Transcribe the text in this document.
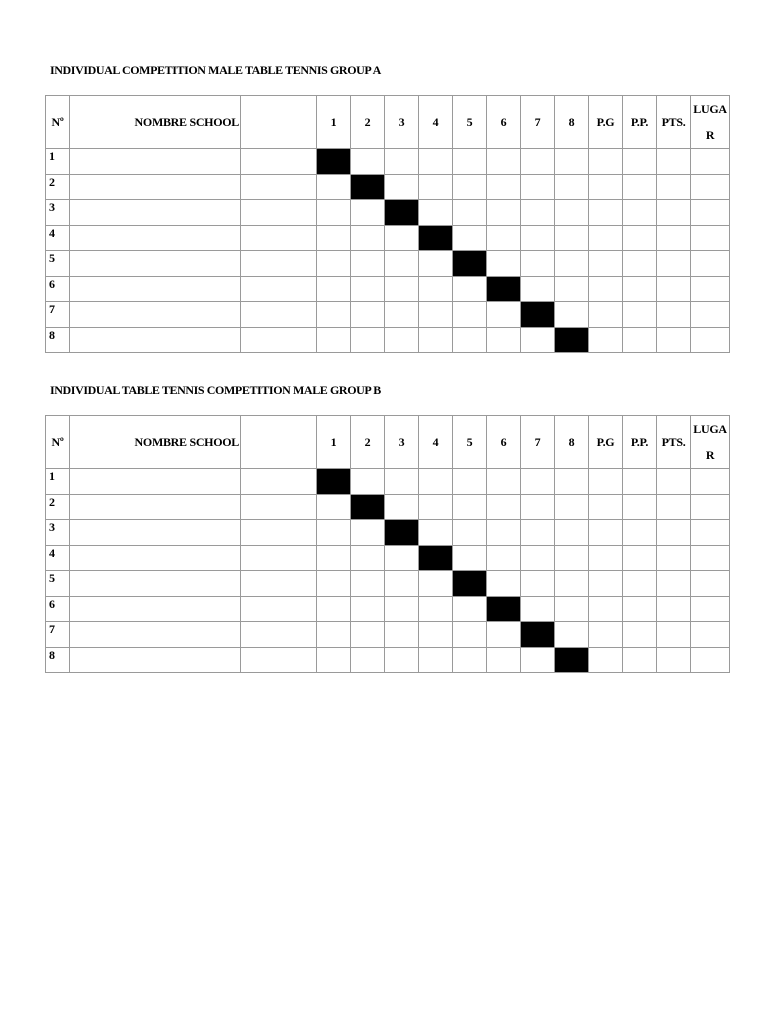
INDIVIDUAL COMPETITION MALE TABLE TENNIS GROUP A
Nº	NOMBRE SCHOOL		1	2	3	4	5	6	7	8	P.G	P.P.	PTS.	LUGA
R
1														
2														
3														
4														
5														
6														
7														
8														
INDIVIDUAL TABLE TENNIS COMPETITION MALE GROUP B
Nº	NOMBRE SCHOOL		1	2	3	4	5	6	7	8	P.G	P.P.	PTS.	LUGA
R
1														
2														
3														
4														
5														
6														
7														
8														
